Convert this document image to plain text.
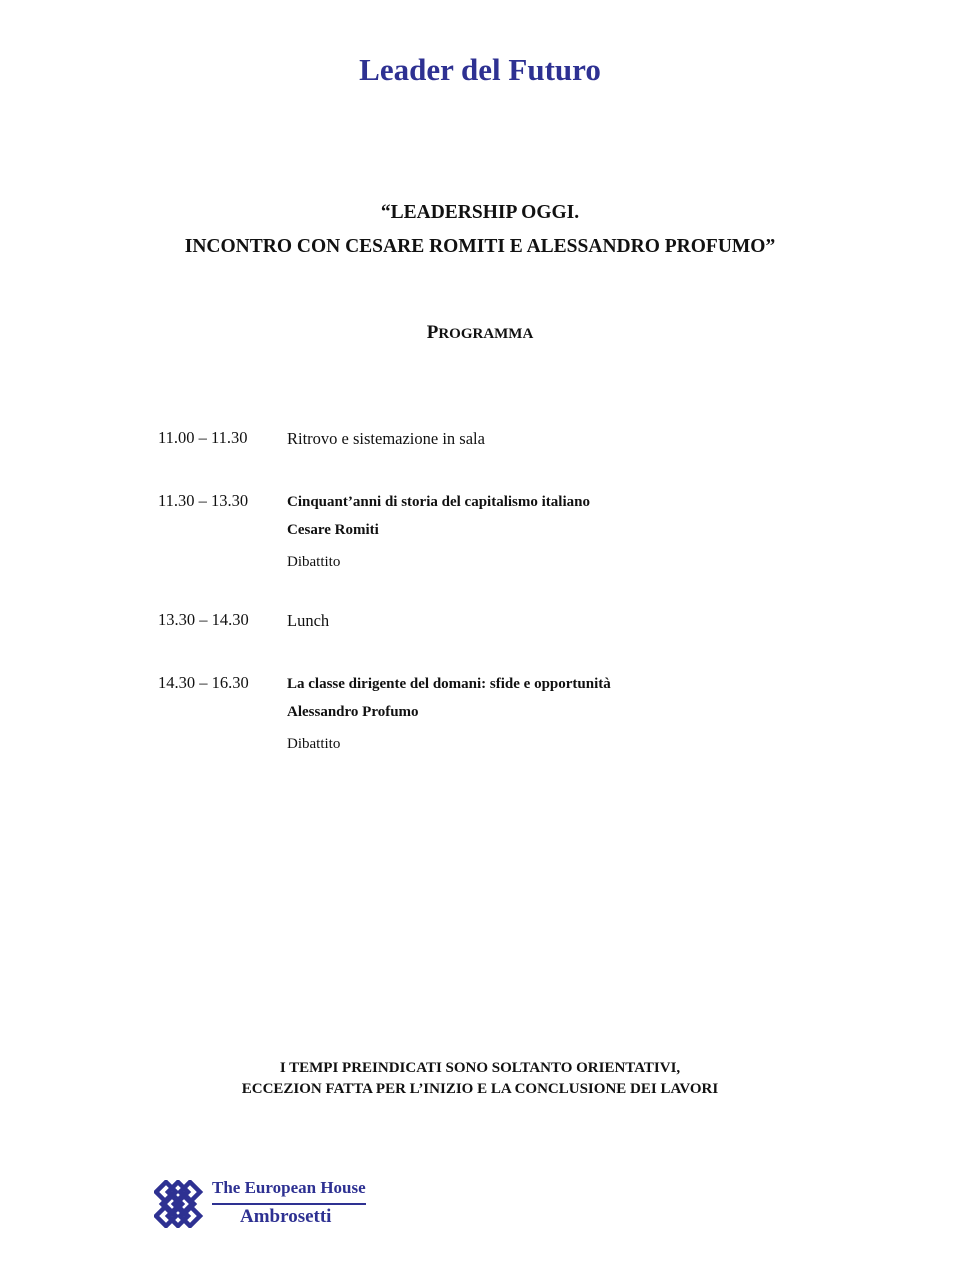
Leader del Futuro
“LEADERSHIP OGGI.
INCONTRO CON CESARE ROMITI E ALESSANDRO PROFUMO”
PROGRAMMA
11.00 – 11.30	Ritrovo e sistemazione in sala
11.30 – 13.30	Cinquant’anni di storia del capitalismo italiano
Cesare Romiti
Dibattito
13.30 – 14.30	Lunch
14.30 – 16.30	La classe dirigente del domani: sfide e opportunità
Alessandro Profumo
Dibattito
I TEMPI PREINDICATI SONO SOLTANTO ORIENTATIVI,
ECCEZION FATTA PER L’INIZIO E LA CONCLUSIONE DEI LAVORI
The European House
Ambrosetti
